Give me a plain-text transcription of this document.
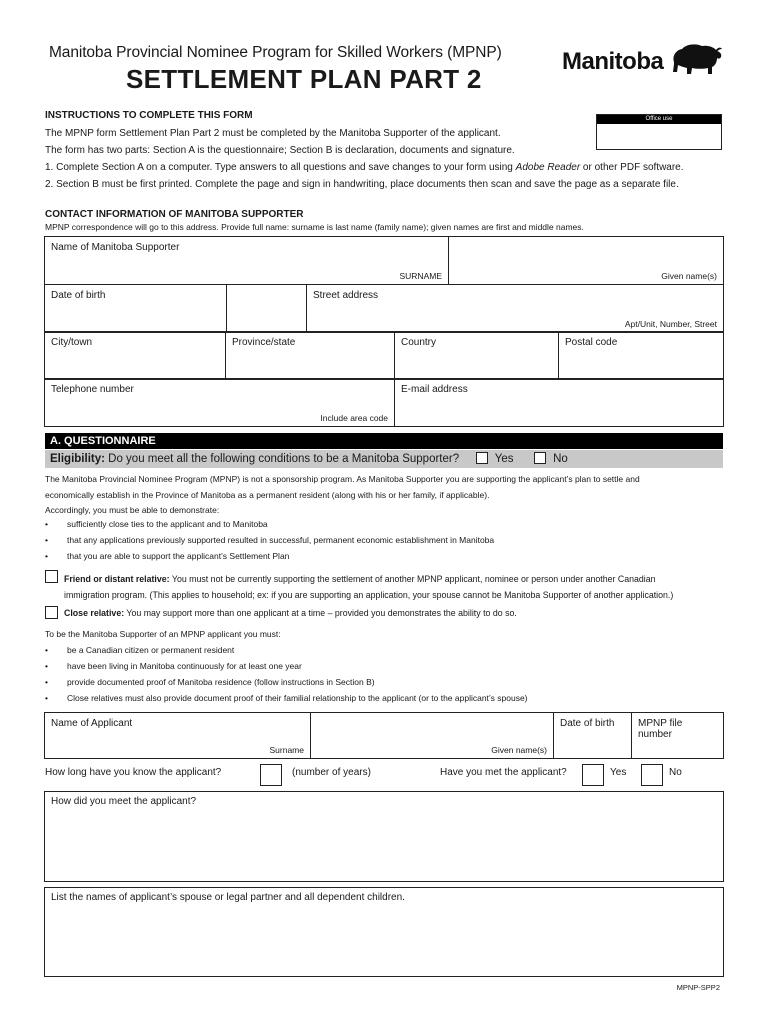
Manitoba Provincial Nominee Program for Skilled Workers (MPNP)
SETTLEMENT PLAN PART 2
Manitoba
Office use
INSTRUCTIONS TO COMPLETE THIS FORM
The MPNP form Settlement Plan Part 2 must be completed by the Manitoba Supporter of the applicant.
The form has two parts: Section A is the questionnaire; Section B is declaration, documents and signature.
1. Complete Section A on a computer. Type answers to all questions and save changes to your form using Adobe Reader or other PDF software.
2. Section B must be first printed. Complete the page and sign in handwriting, place documents then scan and save the page as a separate file.
CONTACT INFORMATION OF MANITOBA SUPPORTER
MPNP correspondence will go to this address. Provide full name: surname is last name (family name); given names are first and middle names.
Name of Manitoba Supporter
SURNAME	Given name(s)
Date of birth		Street address
Apt/Unit, Number, Street
City/town	Province/state	Country	Postal code
Telephone number
Include area code
	E-mail address
A. QUESTIONNAIRE
Eligibility: Do you meet all the following conditions to be a Manitoba Supporter?	Yes	No
The Manitoba Provincial Nominee Program (MPNP) is not a sponsorship program. As Manitoba Supporter you are supporting the applicant’s plan to settle and
economically establish in the Province of Manitoba as a permanent resident (along with his or her family, if applicable).
Accordingly, you must be able to demonstrate:
• sufficiently close ties to the applicant and to Manitoba
• that any applications previously supported resulted in successful, permanent economic establishment in Manitoba
• that you are able to support the applicant’s Settlement Plan
Friend or distant relative: You must not be currently supporting the settlement of another MPNP applicant, nominee or person under another Canadian
immigration program. (This applies to household; ex: if you are supporting an application, your spouse cannot be Manitoba Supporter of another application.)
Close relative: You may support more than one applicant at a time – provided you demonstrates the ability to do so.
To be the Manitoba Supporter of an MPNP applicant you must:
• be a Canadian citizen or permanent resident
• have been living in Manitoba continuously for at least one year
• provide documented proof of Manitoba residence (follow instructions in Section B)
• Close relatives must also provide document proof of their familial relationship to the applicant (or to the applicant’s spouse)
Name of Applicant
Surname	Given name(s)
	Date of birth	MPNP file number
How long have you know the applicant?	(number of years)	Have you met the applicant?	Yes	No
How did you meet the applicant?
List the names of applicant’s spouse or legal partner and all dependent children.
MPNP-SPP2
